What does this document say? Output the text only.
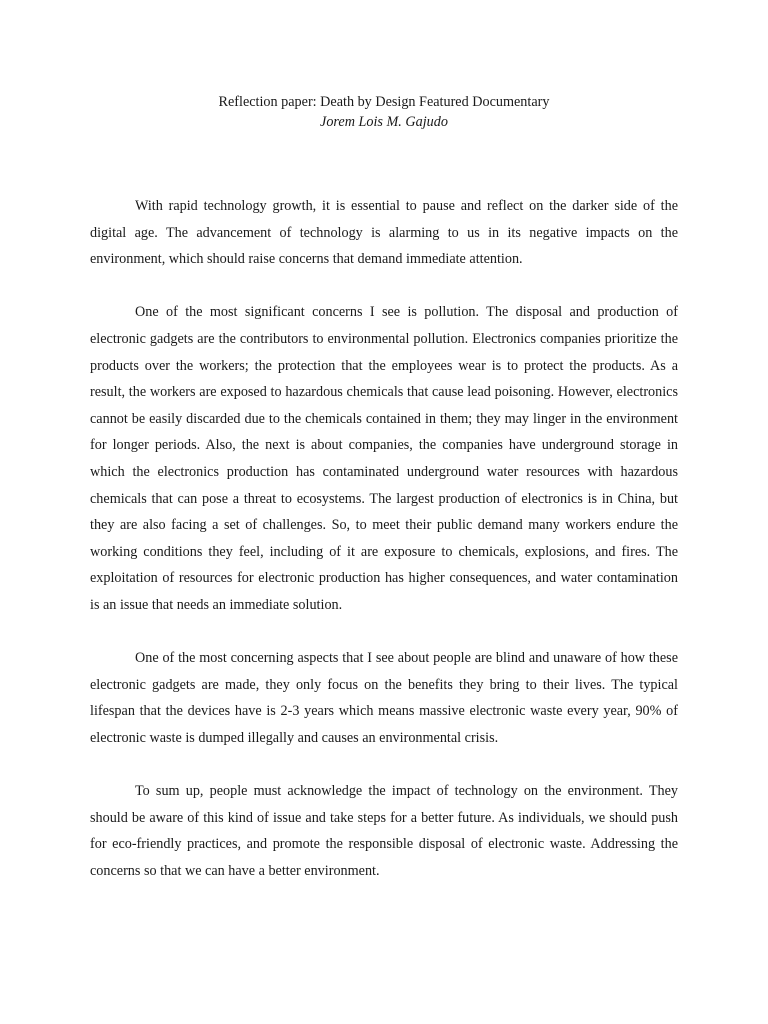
Reflection paper: Death by Design Featured Documentary
Jorem Lois M. Gajudo

With rapid technology growth, it is essential to pause and reflect on the darker side of the digital age. The advancement of technology is alarming to us in its negative impacts on the environment, which should raise concerns that demand immediate attention.

One of the most significant concerns I see is pollution. The disposal and production of electronic gadgets are the contributors to environmental pollution. Electronics companies prioritize the products over the workers; the protection that the employees wear is to protect the products. As a result, the workers are exposed to hazardous chemicals that cause lead poisoning. However, electronics cannot be easily discarded due to the chemicals contained in them; they may linger in the environment for longer periods. Also, the next is about companies, the companies have underground storage in which the electronics production has contaminated underground water resources with hazardous chemicals that can pose a threat to ecosystems. The largest production of electronics is in China, but they are also facing a set of challenges. So, to meet their public demand many workers endure the working conditions they feel, including of it are exposure to chemicals, explosions, and fires. The exploitation of resources for electronic production has higher consequences, and water contamination is an issue that needs an immediate solution.

One of the most concerning aspects that I see about people are blind and unaware of how these electronic gadgets are made, they only focus on the benefits they bring to their lives. The typical lifespan that the devices have is 2-3 years which means massive electronic waste every year, 90% of electronic waste is dumped illegally and causes an environmental crisis.

To sum up, people must acknowledge the impact of technology on the environment. They should be aware of this kind of issue and take steps for a better future. As individuals, we should push for eco-friendly practices, and promote the responsible disposal of electronic waste. Addressing the concerns so that we can have a better environment.
